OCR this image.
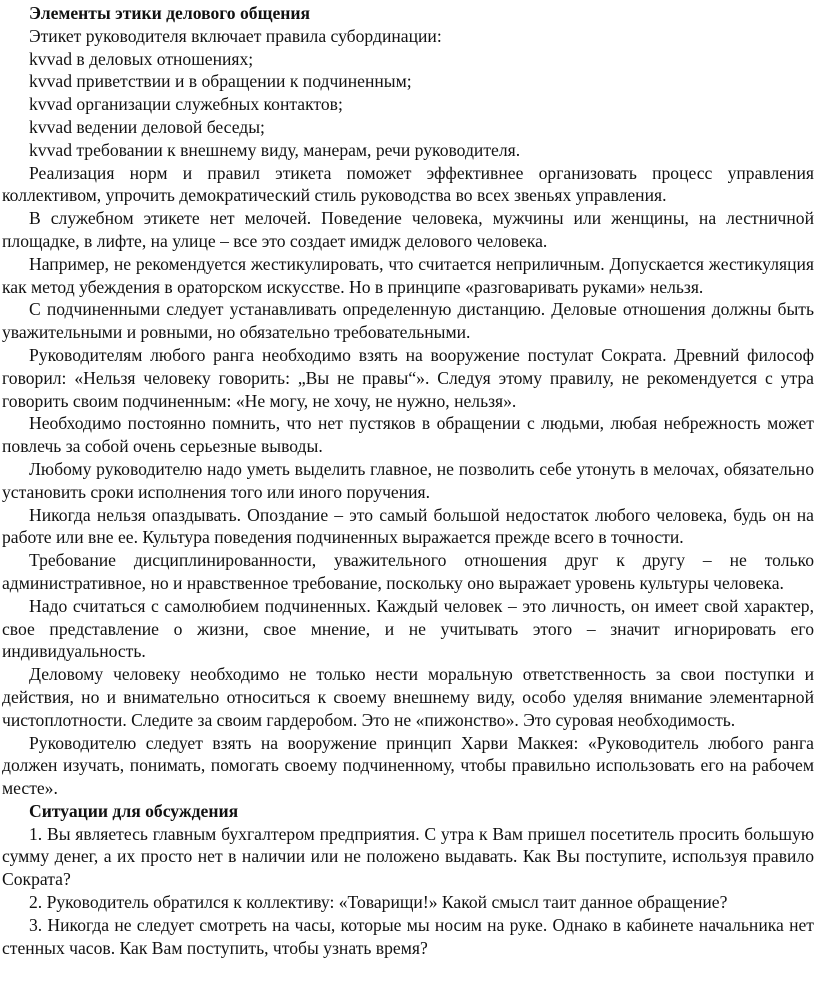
Элементы этики делового общения

Этикет руководителя включает правила субординации:

kvvad в деловых отношениях;

kvvad приветствии и в обращении к подчиненным;

kvvad организации служебных контактов;

kvvad ведении деловой беседы;

kvvad требовании к внешнему виду, манерам, речи руководителя.

Реализация норм и правил этикета поможет эффективнее организовать процесс управления коллективом, упрочить демократический стиль руководства во всех звеньях управления.

В служебном этикете нет мелочей. Поведение человека, мужчины или женщины, на лестничной площадке, в лифте, на улице – все это создает имидж делового человека.

Например, не рекомендуется жестикулировать, что считается неприличным. Допускается жестикуляция как метод убеждения в ораторском искусстве. Но в принципе «разговаривать руками» нельзя.

С подчиненными следует устанавливать определенную дистанцию. Деловые отношения должны быть уважительными и ровными, но обязательно требовательными.

Руководителям любого ранга необходимо взять на вооружение постулат Сократа. Древний философ говорил: «Нельзя человеку говорить: „Вы не правы“». Следуя этому правилу, не рекомендуется с утра говорить своим подчиненным: «Не могу, не хочу, не нужно, нельзя».

Необходимо постоянно помнить, что нет пустяков в обращении с людьми, любая небрежность может повлечь за собой очень серьезные выводы.

Любому руководителю надо уметь выделить главное, не позволить себе утонуть в мелочах, обязательно установить сроки исполнения того или иного поручения.

Никогда нельзя опаздывать. Опоздание – это самый большой недостаток любого человека, будь он на работе или вне ее. Культура поведения подчиненных выражается прежде всего в точности.

Требование дисциплинированности, уважительного отношения друг к другу – не только административное, но и нравственное требование, поскольку оно выражает уровень культуры человека.

Надо считаться с самолюбием подчиненных. Каждый человек – это личность, он имеет свой характер, свое представление о жизни, свое мнение, и не учитывать этого – значит игнорировать его индивидуальность.

Деловому человеку необходимо не только нести моральную ответственность за свои поступки и действия, но и внимательно относиться к своему внешнему виду, особо уделяя внимание элементарной чистоплотности. Следите за своим гардеробом. Это не «пижонство». Это суровая необходимость.

Руководителю следует взять на вооружение принцип Харви Маккея: «Руководитель любого ранга должен изучать, понимать, помогать своему подчиненному, чтобы правильно использовать его на рабочем месте».

Ситуации для обсуждения

1. Вы являетесь главным бухгалтером предприятия. С утра к Вам пришел посетитель просить большую сумму денег, а их просто нет в наличии или не положено выдавать. Как Вы поступите, используя правило Сократа?

2. Руководитель обратился к коллективу: «Товарищи!» Какой смысл таит данное обращение?

3. Никогда не следует смотреть на часы, которые мы носим на руке. Однако в кабинете начальника нет стенных часов. Как Вам поступить, чтобы узнать время?
